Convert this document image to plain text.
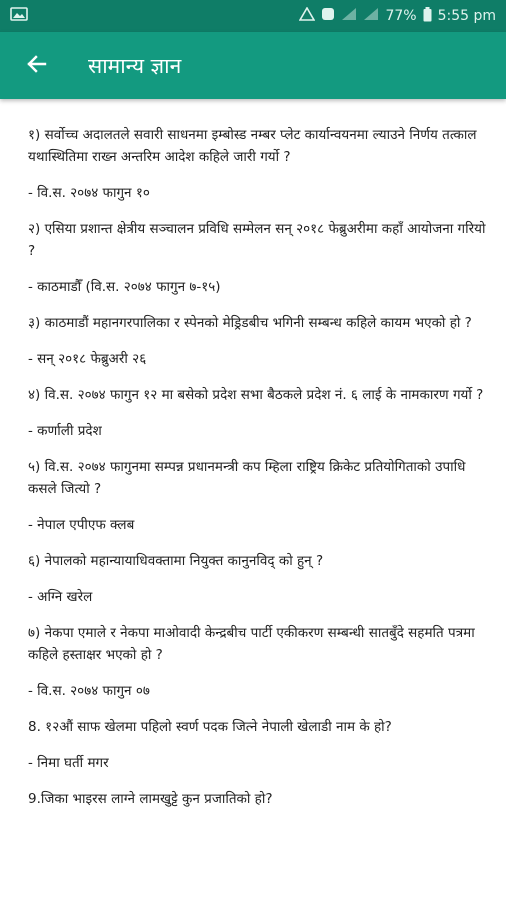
77% 5:55 pm
सामान्य ज्ञान

१) सर्वोच्च अदालतले सवारी साधनमा इम्बोस्ड नम्बर प्लेट कार्यान्वयनमा ल्याउने निर्णय तत्काल यथास्थितिमा राख्न अन्तरिम आदेश कहिले जारी गर्यो ?

- वि.स. २०७४ फागुन १०

२) एसिया प्रशान्त क्षेत्रीय सञ्चालन प्रविधि सम्मेलन सन् २०१८ फेब्रुअरीमा कहाँ आयोजना गरियो ?

- काठमाडौँ (वि.स. २०७४ फागुन ७-१५)

३) काठमाडौं महानगरपालिका र स्पेनको मेड्रिडबीच भगिनी सम्बन्ध कहिले कायम भएको हो ?

- सन् २०१८ फेब्रुअरी २६

४) वि.स. २०७४ फागुन १२ मा बसेको प्रदेश सभा बैठकले प्रदेश नं. ६ लाई के नामकारण गर्यो ?

- कर्णाली प्रदेश

५) वि.स. २०७४ फागुनमा सम्पन्न प्रधानमन्त्री कप म्हिला राष्ट्रिय क्रिकेट प्रतियोगिताको उपाधि कसले जित्यो ?

- नेपाल एपीएफ क्लब

६) नेपालको महान्यायाधिवक्तामा नियुक्त कानुनविद् को हुन् ?

- अग्नि खरेल

७) नेकपा एमाले र नेकपा माओवादी केन्द्रबीच पार्टी एकीकरण सम्बन्धी सातबुँदे सहमति पत्रमा कहिले हस्ताक्षर भएको हो ?

- वि.स. २०७४ फागुन ०७

8. १२औं साफ खेलमा पहिलो स्वर्ण पदक जित्ने नेपाली खेलाडी नाम के हो?

- निमा घर्ती मगर

9.जिका भाइरस लाग्ने लामखुट्टे कुन प्रजातिको हो?
